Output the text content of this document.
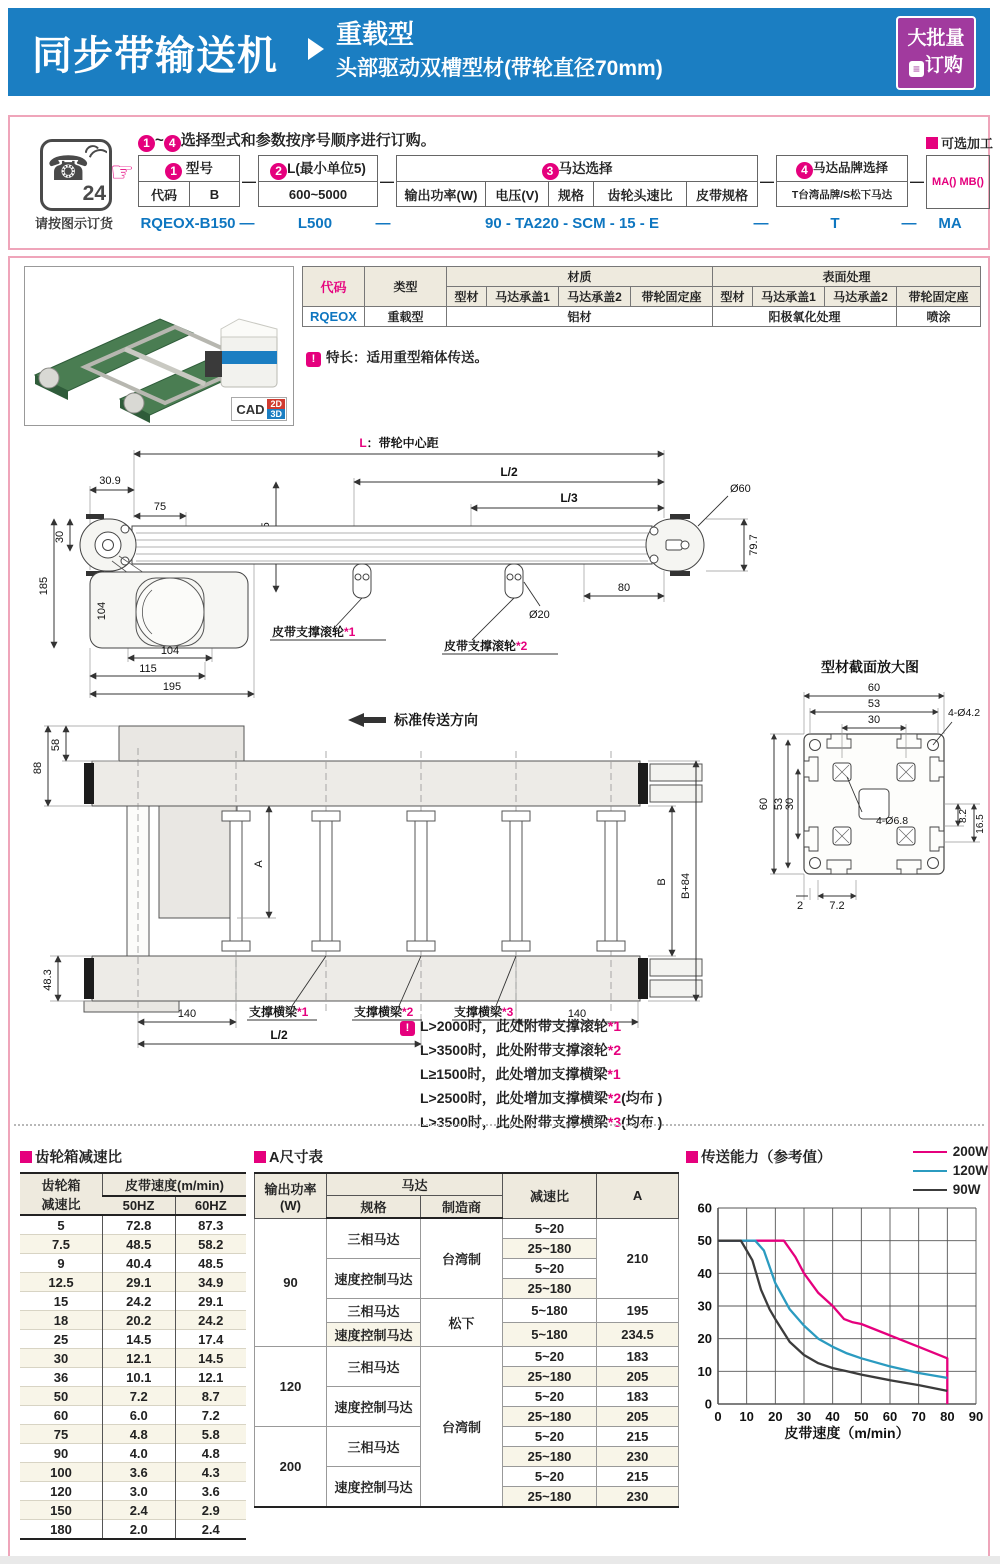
同步带输送机 重载型
头部驱动双槽型材(带轮直径70mm)
大批量
≡ 订购
☎
24
请按图示订货
☞
1 ~ 4 选择型式和参数按序号顺序进行订购。
1 型号
代码	B
—
2 L(最小单位5)
600~5000
—
3 马达选择
输出功率(W)	电压(V)	规格	齿轮头速比	皮带规格
—
4 马达品牌选择
T台湾品牌/S松下马达
—
可选加工
MA() MB()
RQEOX-B150 —	L500	—	90 - TA220 - SCM - 15 - E	—	T	—	MA
CAD 2D
3D
代码	类型	材质				表面处理			
		型材	马达承盖1	马达承盖2	带轮固定座	型材	马达承盖1	马达承盖2	带轮固定座
RQEOX	重载型	铝材				阳极氧化处理			喷涂
! 特长：适用重型箱体传送。
L：带轮中心距
L/2
L/3
30.9
75
Ø60
79.7
80
Ø20
皮带支撑滚轮*1
皮带支撑滚轮*2
30
185
104
104
115
195
标准传送方向
88
58
A
B B+84
48.3
140	140
L/2
支撑横梁*1	支撑横梁*2	支撑横梁*3
型材截面放大图
60
53
30
60 53 30
4-Ø4.2
4-Ø6.8	8.2 16.5
2 7.2
! L>2000时，此处附带支撑滚轮*1
L>3500时，此处附带支撑滚轮*2
L≥1500时，此处增加支撑横梁*1
L>2500时，此处增加支撑横梁*2(均布 )
L>3500时，此处附带支撑横梁*3(均布 )
齿轮箱减速比
齿轮箱
减速比	皮带速度(m/min)	
	50HZ	60HZ
5	72.8	87.3
7.5	48.5	58.2
9	40.4	48.5
12.5	29.1	34.9
15	24.2	29.1
18	20.2	24.2
25	14.5	17.4
30	12.1	14.5
36	10.1	12.1
50	7.2	8.7
60	6.0	7.2
75	4.8	5.8
90	4.0	4.8
100	3.6	4.3
120	3.0	3.6
150	2.4	2.9
180	2.0	2.4
A尺寸表
输出功率
(W)	马达		减速比	A
	规格	制造商		
90	三相马达	台湾制	5~20	210
			25~180	
	速度控制马达		5~20	
			25~180	
	三相马达	松下	5~180	195
	速度控制马达		5~180	234.5
120	三相马达	台湾制	5~20	183
			25~180	205
	速度控制马达		5~20	183
			25~180	205
200	三相马达		5~20	215
			25~180	230
	速度控制马达		5~20	215
			25~180	230
传送能力（参考值）	200W
120W
90W
0
10
20
30
40
50
60
0 10 20 30 40 50 60 70 80 90
皮带速度（m/min）
